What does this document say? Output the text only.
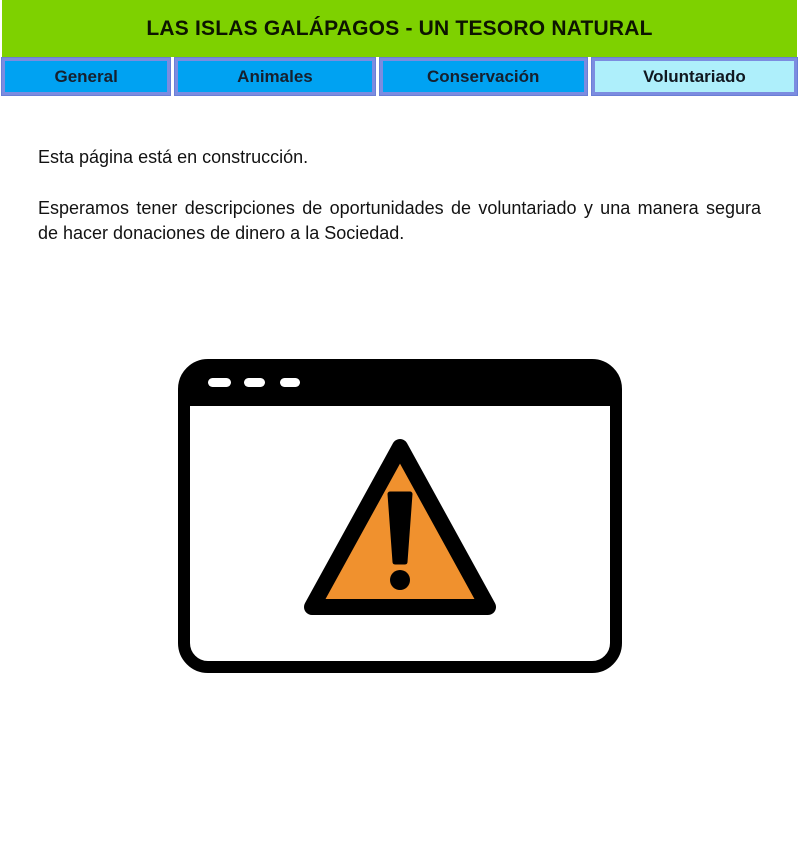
LAS ISLAS GALÁPAGOS - UN TESORO NATURAL
General	Animales	Conservación	Voluntariado

Esta página está en construcción.

Esperamos tener descripciones de oportunidades de voluntariado y una manera segura de hacer donaciones de dinero a la Sociedad.
